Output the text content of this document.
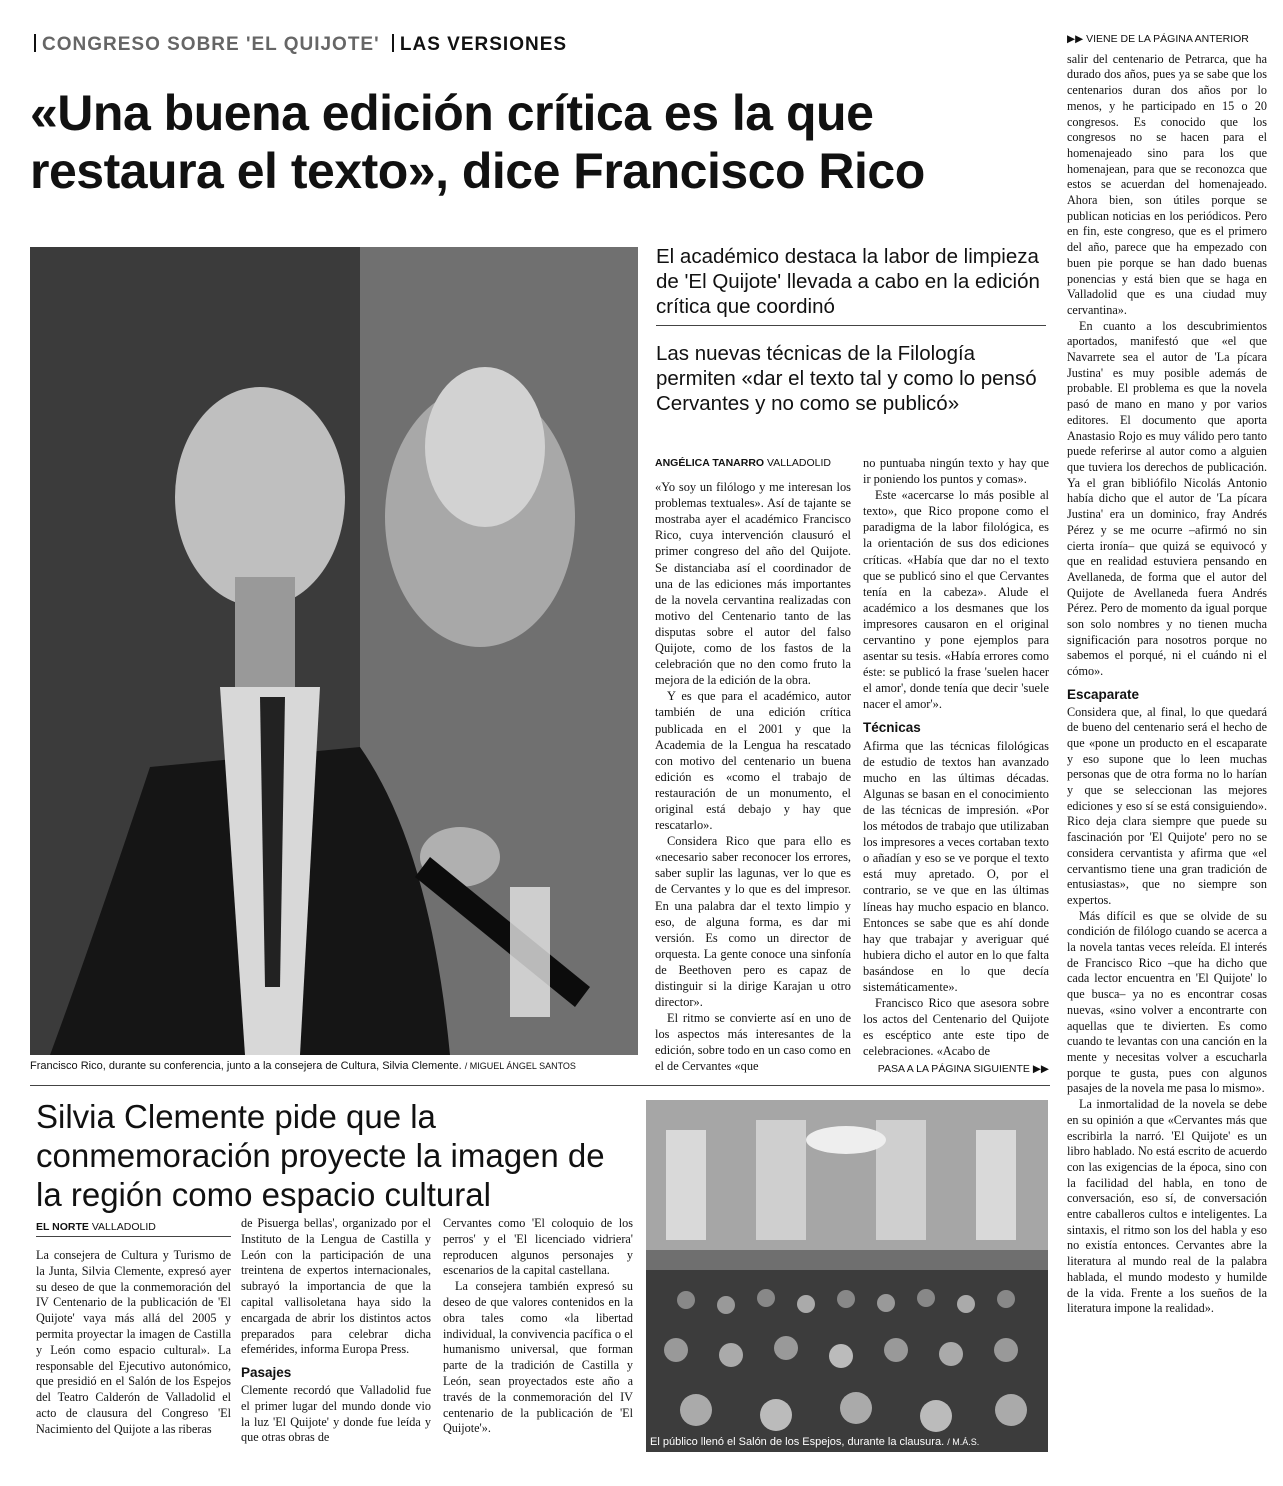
CONGRESO SOBRE 'EL QUIJOTE' LAS VERSIONES
«Una buena edición crítica es la que restaura el texto», dice Francisco Rico
Francisco Rico, durante su conferencia, junto a la consejera de Cultura, Silvia Clemente. / MIGUEL ÁNGEL SANTOS
El académico destaca la labor de limpieza de 'El Quijote' llevada a cabo en la edición crítica que coordinó
Las nuevas técnicas de la Filología permiten «dar el texto tal y como lo pensó Cervantes y no como se publicó»
ANGÉLICA TANARRO VALLADOLID

«Yo soy un filólogo y me interesan los problemas textuales». Así de tajante se mostraba ayer el académico Francisco Rico, cuya intervención clausuró el primer congreso del año del Quijote. Se distanciaba así el coordinador de una de las ediciones más importantes de la novela cervantina realizadas con motivo del Centenario tanto de las disputas sobre el autor del falso Quijote, como de los fastos de la celebración que no den como fruto la mejora de la edición de la obra.

Y es que para el académico, autor también de una edición crítica publicada en el 2001 y que la Academia de la Lengua ha rescatado con motivo del centenario un buena edición es «como el trabajo de restauración de un monumento, el original está debajo y hay que rescatarlo».

Considera Rico que para ello es «necesario saber reconocer los errores, saber suplir las lagunas, ver lo que es de Cervantes y lo que es del impresor. En una palabra dar el texto limpio y eso, de alguna forma, es dar mi versión. Es como un director de orquesta. La gente conoce una sinfonía de Beethoven pero es capaz de distinguir si la dirige Karajan u otro director».

El ritmo se convierte así en uno de los aspectos más interesantes de la edición, sobre todo en un caso como en el de Cervantes «que

no puntuaba ningún texto y hay que ir poniendo los puntos y comas».

Este «acercarse lo más posible al texto», que Rico propone como el paradigma de la labor filológica, es la orientación de sus dos ediciones críticas. «Había que dar no el texto que se publicó sino el que Cervantes tenía en la cabeza». Alude el académico a los desmanes que los impresores causaron en el original cervantino y pone ejemplos para asentar su tesis. «Había errores como éste: se publicó la frase 'suelen hacer el amor', donde tenía que decir 'suele nacer el amor'».

Técnicas

Afirma que las técnicas filológicas de estudio de textos han avanzado mucho en las últimas décadas. Algunas se basan en el conocimiento de las técnicas de impresión. «Por los métodos de trabajo que utilizaban los impresores a veces cortaban texto o añadían y eso se ve porque el texto está muy apretado. O, por el contrario, se ve que en las últimas líneas hay mucho espacio en blanco. Entonces se sabe que es ahí donde hay que trabajar y averiguar qué hubiera dicho el autor en lo que falta basándose en lo que decía sistemáticamente».

Francisco Rico que asesora sobre los actos del Centenario del Quijote es escéptico ante este tipo de celebraciones. «Acabo de

PASA A LA PÁGINA SIGUIENTE ▶▶
▶▶ VIENE DE LA PÁGINA ANTERIOR

salir del centenario de Petrarca, que ha durado dos años, pues ya se sabe que los centenarios duran dos años por lo menos, y he participado en 15 o 20 congresos. Es conocido que los congresos no se hacen para el homenajeado sino para los que homenajean, para que se reconozca que estos se acuerdan del homenajeado. Ahora bien, son útiles porque se publican noticias en los periódicos. Pero en fin, este congreso, que es el primero del año, parece que ha empezado con buen pie porque se han dado buenas ponencias y está bien que se haga en Valladolid que es una ciudad muy cervantina».

En cuanto a los descubrimientos aportados, manifestó que «el que Navarrete sea el autor de 'La pícara Justina' es muy posible además de probable. El problema es que la novela pasó de mano en mano y por varios editores. El documento que aporta Anastasio Rojo es muy válido pero tanto puede referirse al autor como a alguien que tuviera los derechos de publicación. Ya el gran bibliófilo Nicolás Antonio había dicho que el autor de 'La pícara Justina' era un dominico, fray Andrés Pérez y se me ocurre –afirmó no sin cierta ironía– que quizá se equivocó y que en realidad estuviera pensando en Avellaneda, de forma que el autor del Quijote de Avellaneda fuera Andrés Pérez. Pero de momento da igual porque son solo nombres y no tienen mucha significación para nosotros porque no sabemos el porqué, ni el cuándo ni el cómo».

Escaparate

Considera que, al final, lo que quedará de bueno del centenario será el hecho de que «pone un producto en el escaparate y eso supone que lo leen muchas personas que de otra forma no lo harían y que se seleccionan las mejores ediciones y eso sí se está consiguiendo». Rico deja clara siempre que puede su fascinación por 'El Quijote' pero no se considera cervantista y afirma que «el cervantismo tiene una gran tradición de entusiastas», que no siempre son expertos.

Más difícil es que se olvide de su condición de filólogo cuando se acerca a la novela tantas veces releída. El interés de Francisco Rico –que ha dicho que cada lector encuentra en 'El Quijote' lo que busca– ya no es encontrar cosas nuevas, «sino volver a encontrarte con aquellas que te divierten. Es como cuando te levantas con una canción en la mente y necesitas volver a escucharla porque te gusta, pues con algunos pasajes de la novela me pasa lo mismo».

La inmortalidad de la novela se debe en su opinión a que «Cervantes más que escribirla la narró. 'El Quijote' es un libro hablado. No está escrito de acuerdo con las exigencias de la época, sino con la facilidad del habla, en tono de conversación, eso sí, de conversación entre caballeros cultos e inteligentes. La sintaxis, el ritmo son los del habla y eso no existía entonces. Cervantes abre la literatura al mundo real de la palabra hablada, el mundo modesto y humilde de la vida. Frente a los sueños de la literatura impone la realidad».

Silvia Clemente pide que la conmemoración proyecte la imagen de la región como espacio cultural
EL NORTE VALLADOLID

La consejera de Cultura y Turismo de la Junta, Silvia Clemente, expresó ayer su deseo de que la conmemoración del IV Centenario de la publicación de 'El Quijote' vaya más allá del 2005 y permita proyectar la imagen de Castilla y León como espacio cultural». La responsable del Ejecutivo autonómico, que presidió en el Salón de los Espejos del Teatro Calderón de Valladolid el acto de clausura del Congreso 'El Nacimiento del Quijote a las riberas

de Pisuerga bellas', organizado por el Instituto de la Lengua de Castilla y León con la participación de una treintena de expertos internacionales, subrayó la importancia de que la capital vallisoletana haya sido la encargada de abrir los distintos actos preparados para celebrar dicha efemérides, informa Europa Press.

Pasajes

Clemente recordó que Valladolid fue el primer lugar del mundo donde vio la luz 'El Quijote' y donde fue leída y que otras obras de

Cervantes como 'El coloquio de los perros' y el 'El licenciado vidriera' reproducen algunos personajes y escenarios de la capital castellana.

La consejera también expresó su deseo de que valores contenidos en la obra tales como «la libertad individual, la convivencia pacífica o el humanismo universal, que forman parte de la tradición de Castilla y León, sean proyectados este año a través de la conmemoración del IV centenario de la publicación de 'El Quijote'».

El público llenó el Salón de los Espejos, durante la clausura. / M.Á.S.
